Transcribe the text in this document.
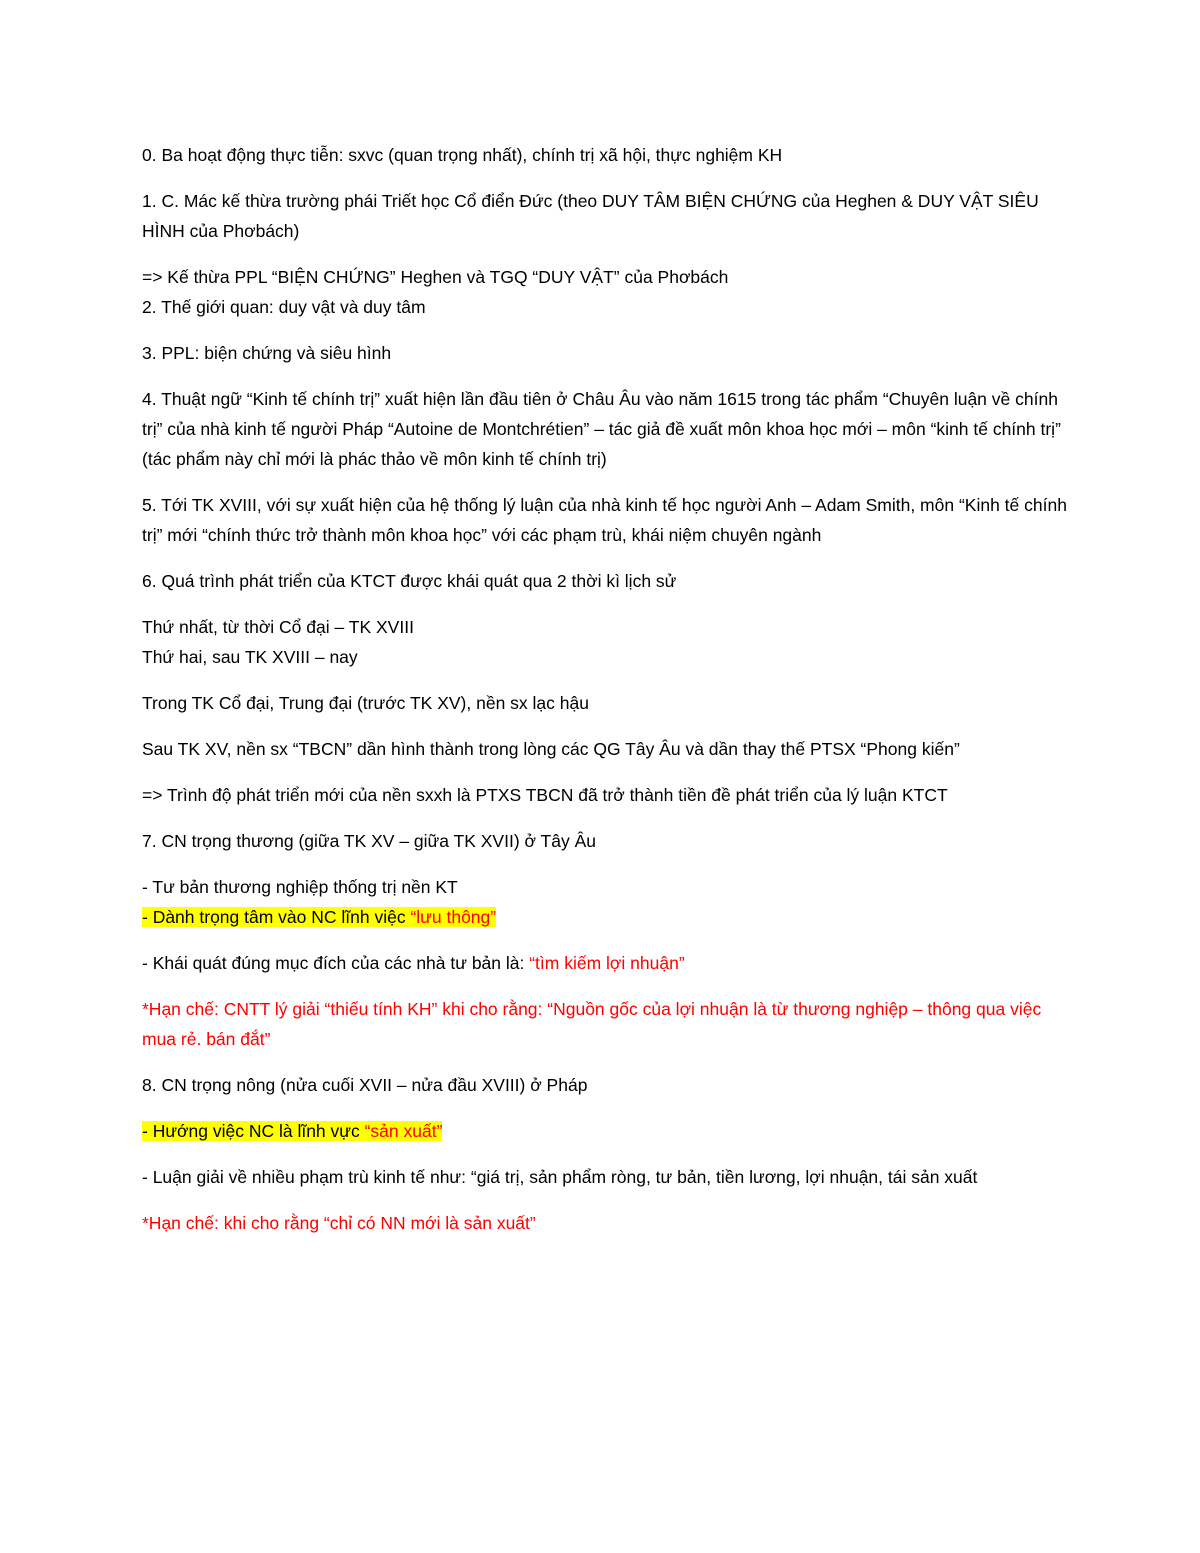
0. Ba hoạt động thực tiễn: sxvc (quan trọng nhất), chính trị xã hội, thực nghiệm KH

1. C. Mác kế thừa trường phái Triết học Cổ điển Đức (theo DUY TÂM BIỆN CHỨNG của Heghen & DUY VẬT SIÊU HÌNH của Phơbách)

=> Kế thừa PPL “BIỆN CHỨNG” Heghen và TGQ “DUY VẬT” của Phơbách

2. Thế giới quan: duy vật và duy tâm

3. PPL: biện chứng và siêu hình

4. Thuật ngữ “Kinh tế chính trị” xuất hiện lần đầu tiên ở Châu Âu vào năm 1615 trong tác phẩm “Chuyên luận về chính trị” của nhà kinh tế người Pháp “Autoine de Montchrétien” – tác giả đề xuất môn khoa học mới – môn “kinh tế chính trị” (tác phẩm này chỉ mới là phác thảo về môn kinh tế chính trị)

5. Tới TK XVIII, với sự xuất hiện của hệ thống lý luận của nhà kinh tế học người Anh – Adam Smith, môn “Kinh tế chính trị” mới “chính thức trở thành môn khoa học” với các phạm trù, khái niệm chuyên ngành

6. Quá trình phát triển của KTCT được khái quát qua 2 thời kì lịch sử

Thứ nhất, từ thời Cổ đại – TK XVIII

Thứ hai, sau TK XVIII – nay

Trong TK Cổ đại, Trung đại (trước TK XV), nền sx lạc hậu

Sau TK XV, nền sx “TBCN” dần hình thành trong lòng các QG Tây Âu và dần thay thế PTSX “Phong kiến”

=> Trình độ phát triển mới của nền sxxh là PTXS TBCN đã trở thành tiền đề phát triển của lý luận KTCT

7. CN trọng thương (giữa TK XV – giữa TK XVII) ở Tây Âu

- Tư bản thương nghiệp thống trị nền KT

- Dành trọng tâm vào NC lĩnh việc “lưu thông”

- Khái quát đúng mục đích của các nhà tư bản là: “tìm kiếm lợi nhuận”

*Hạn chế: CNTT lý giải “thiếu tính KH” khi cho rằng: “Nguồn gốc của lợi nhuận là từ thương nghiệp – thông qua việc mua rẻ. bán đắt”

8. CN trọng nông (nửa cuối XVII – nửa đầu XVIII) ở Pháp

- Hướng việc NC là lĩnh vực “sản xuất”

- Luận giải về nhiều phạm trù kinh tế như: “giá trị, sản phẩm ròng, tư bản, tiền lương, lợi nhuận, tái sản xuất

*Hạn chế: khi cho rằng “chỉ có NN mới là sản xuất”
